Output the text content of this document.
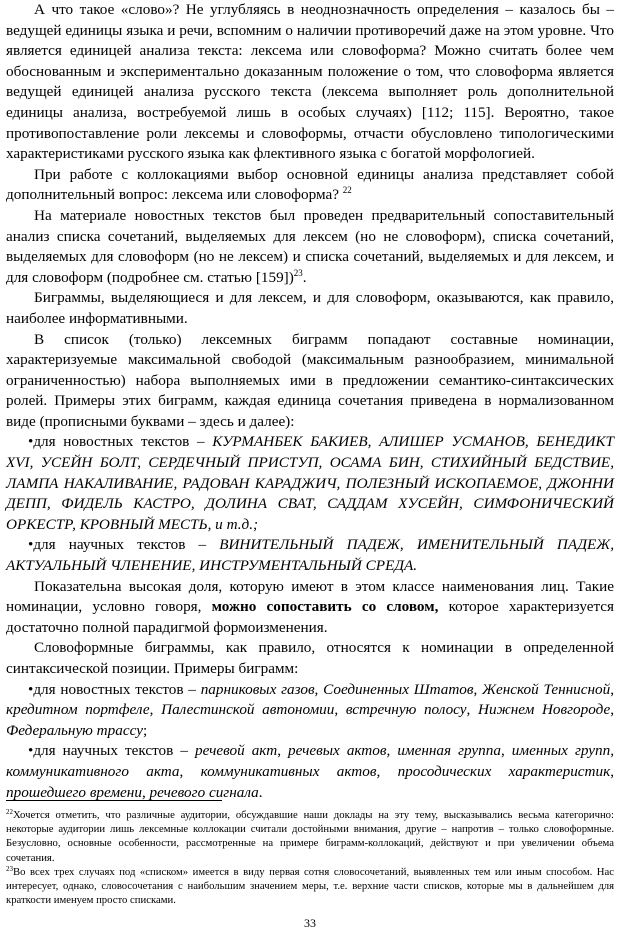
А что такое «слово»? Не углубляясь в неоднозначность определения – казалось бы – ведущей единицы языка и речи, вспомним о наличии противоречий даже на этом уровне. Что является единицей анализа текста: лексема или словоформа? Можно считать более чем обоснованным и экспериментально доказанным положение о том, что словоформа является ведущей единицей анализа русского текста (лексема выполняет роль дополнительной единицы анализа, востребуемой лишь в особых случаях) [112; 115]. Вероятно, такое противопоставление роли лексемы и словоформы, отчасти обусловлено типологическими характеристиками русского языка как флективного языка с богатой морфологией.

При работе с коллокациями выбор основной единицы анализа представляет собой дополнительный вопрос: лексема или словоформа? $^{22}$

На материале новостных текстов был проведен предварительный сопоставительный анализ списка сочетаний, выделяемых для лексем (но не словоформ), списка сочетаний, выделяемых для словоформ (но не лексем) и списка сочетаний, выделяемых и для лексем, и для словоформ (подробнее см. статью [159])$^{23}$.

Биграммы, выделяющиеся и для лексем, и для словоформ, оказываются, как правило, наиболее информативными.

В список (только) лексемных биграмм попадают составные номинации, характеризуемые максимальной свободой (максимальным разнообразием, минимальной ограниченностью) набора выполняемых ими в предложении семантико-синтаксических ролей. Примеры этих биграмм, каждая единица сочетания приведена в нормализованном виде (прописными буквами – здесь и далее):

•для новостных текстов – КУРМАНБЕК БАКИЕВ, АЛИШЕР УСМАНОВ, БЕНЕДИКТ XVI, УСЕЙН БОЛТ, СЕРДЕЧНЫЙ ПРИСТУП, ОСАМА БИН, СТИХИЙНЫЙ БЕДСТВИЕ, ЛАМПА НАКАЛИВАНИЕ, РАДОВАН КАРАДЖИЧ, ПОЛЕЗНЫЙ ИСКОПАЕМОЕ, ДЖОННИ ДЕПП, ФИДЕЛЬ КАСТРО, ДОЛИНА СВАТ, САДДАМ ХУСЕЙН, СИМФОНИЧЕСКИЙ ОРКЕСТР, КРОВНЫЙ МЕСТЬ, и т.д.;

•для научных текстов – ВИНИТЕЛЬНЫЙ ПАДЕЖ, ИМЕНИТЕЛЬНЫЙ ПАДЕЖ, АКТУАЛЬНЫЙ ЧЛЕНЕНИЕ, ИНСТРУМЕНТАЛЬНЫЙ СРЕДА.

Показательна высокая доля, которую имеют в этом классе наименования лиц. Такие номинации, условно говоря, можно сопоставить со словом, которое характеризуется достаточно полной парадигмой формоизменения.

Словоформные биграммы, как правило, относятся к номинации в определенной синтаксической позиции. Примеры биграмм:

•для новостных текстов – парниковых газов, Соединенных Штатов, Женской Теннисной, кредитном портфеле, Палестинской автономии, встречную полосу, Нижнем Новгороде, Федеральную трассу;

•для научных текстов – речевой акт, речевых актов, именная группа, именных групп, коммуникативного акта, коммуникативных актов, просодических характеристик, прошедшего времени, речевого сигнала.

$^{22}$Хочется отметить, что различные аудитории, обсуждавшие наши доклады на эту тему, высказывались весьма категорично: некоторые аудитории лишь лексемные коллокации считали достойными внимания, другие – напротив – только словоформные. Безусловно, основные особенности, рассмотренные на примере биграмм-коллокаций, действуют и при увеличении объема сочетания.

$^{23}$Во всех трех случаях под «списком» имеется в виду первая сотня словосочетаний, выявленных тем или иным способом. Нас интересует, однако, словосочетания с наибольшим значением меры, т.е. верхние части списков, которые мы в дальнейшем для краткости именуем просто списками.

33
